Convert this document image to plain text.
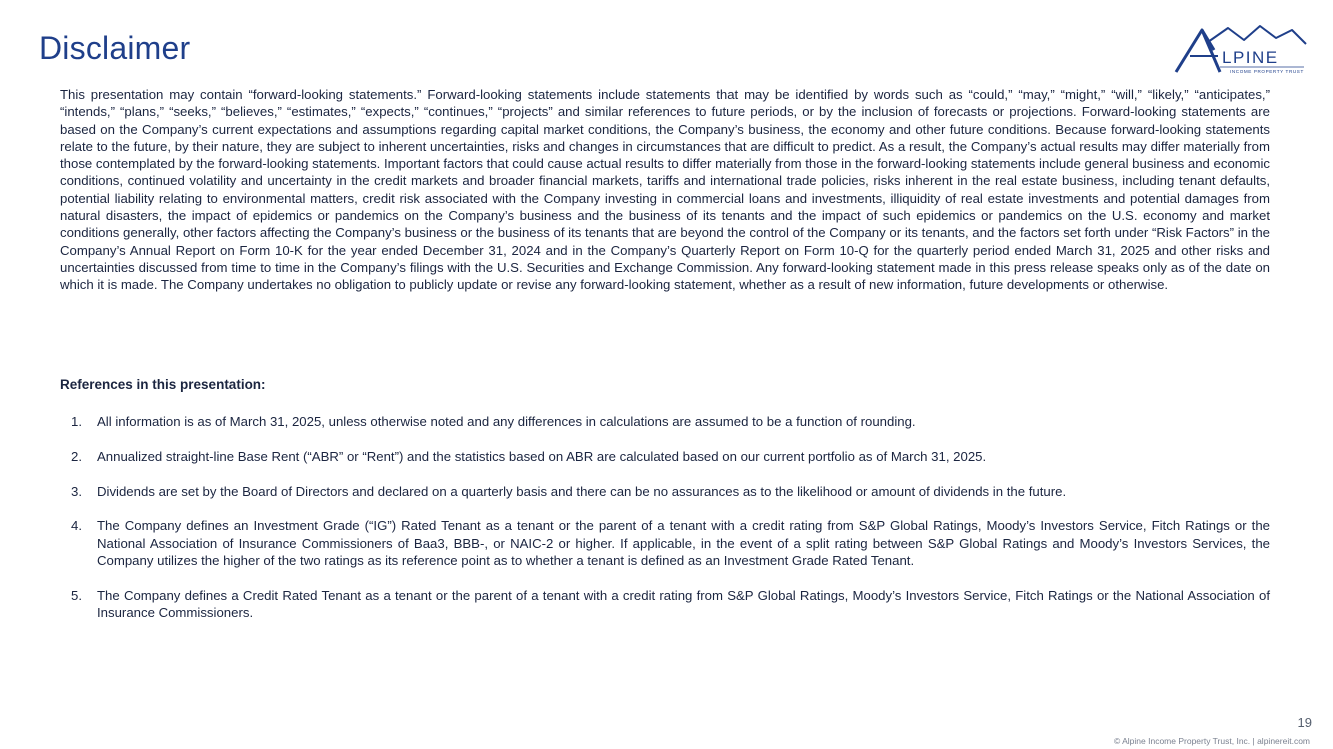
Disclaimer	LPINE
INCOME PROPERTY TRUST

This presentation may contain “forward-looking statements.” Forward-looking statements include statements that may be identified by words such as “could,” “may,” “might,” “will,” “likely,” “anticipates,” “intends,” “plans,” “seeks,” “believes,” “estimates,” “expects,” “continues,” “projects” and similar references to future periods, or by the inclusion of forecasts or projections. Forward-looking statements are based on the Company’s current expectations and assumptions regarding capital market conditions, the Company’s business, the economy and other future conditions. Because forward-looking statements relate to the future, by their nature, they are subject to inherent uncertainties, risks and changes in circumstances that are difficult to predict. As a result, the Company’s actual results may differ materially from those contemplated by the forward-looking statements. Important factors that could cause actual results to differ materially from those in the forward-looking statements include general business and economic conditions, continued volatility and uncertainty in the credit markets and broader financial markets, tariffs and international trade policies, risks inherent in the real estate business, including tenant defaults, potential liability relating to environmental matters, credit risk associated with the Company investing in commercial loans and investments, illiquidity of real estate investments and potential damages from natural disasters, the impact of epidemics or pandemics on the Company’s business and the business of its tenants and the impact of such epidemics or pandemics on the U.S. economy and market conditions generally, other factors affecting the Company’s business or the business of its tenants that are beyond the control of the Company or its tenants, and the factors set forth under “Risk Factors” in the Company’s Annual Report on Form 10-K for the year ended December 31, 2024 and in the Company’s Quarterly Report on Form 10-Q for the quarterly period ended March 31, 2025 and other risks and uncertainties discussed from time to time in the Company’s filings with the U.S. Securities and Exchange Commission. Any forward-looking statement made in this press release speaks only as of the date on which it is made. The Company undertakes no obligation to publicly update or revise any forward-looking statement, whether as a result of new information, future developments or otherwise.

References in this presentation:

1. All information is as of March 31, 2025, unless otherwise noted and any differences in calculations are assumed to be a function of rounding.
2. Annualized straight-line Base Rent (“ABR” or “Rent”) and the statistics based on ABR are calculated based on our current portfolio as of March 31, 2025.
3. Dividends are set by the Board of Directors and declared on a quarterly basis and there can be no assurances as to the likelihood or amount of dividends in the future.
4. The Company defines an Investment Grade (“IG”) Rated Tenant as a tenant or the parent of a tenant with a credit rating from S&P Global Ratings, Moody’s Investors Service, Fitch Ratings or the National Association of Insurance Commissioners of Baa3, BBB-, or NAIC-2 or higher. If applicable, in the event of a split rating between S&P Global Ratings and Moody’s Investors Services, the Company utilizes the higher of the two ratings as its reference point as to whether a tenant is defined as an Investment Grade Rated Tenant.
5. The Company defines a Credit Rated Tenant as a tenant or the parent of a tenant with a credit rating from S&P Global Ratings, Moody’s Investors Service, Fitch Ratings or the National Association of Insurance Commissioners.
19
© Alpine Income Property Trust, Inc. | alpinereit.com
